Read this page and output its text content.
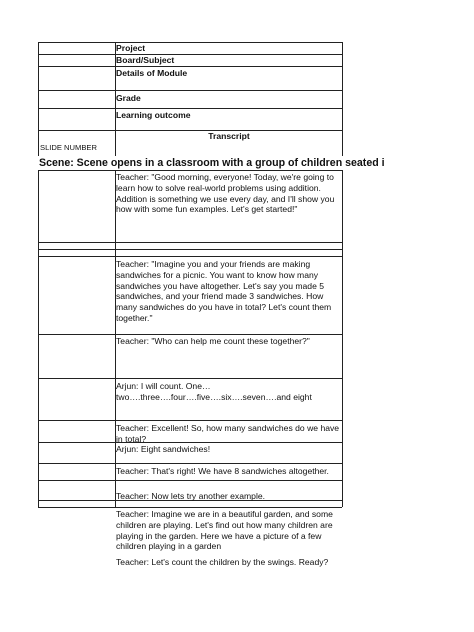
Project
Board/Subject
Details of Module
Grade
Learning outcome
Transcript
SLIDE NUMBER
Scene: Scene opens in a classroom with a group of children seated i
Teacher: "Good morning, everyone! Today, we're going to learn how to solve real-world problems using addition. Addition is something we use every day, and I'll show you how with some fun examples. Let's get started!"
Teacher: "Imagine you and your friends are making sandwiches for a picnic. You want to know how many sandwiches you have altogether. Let's say you made 5 sandwiches, and your friend made 3 sandwiches. How many sandwiches do you have in total? Let's count them together."
Teacher: "Who can help me count these together?"
Arjun: I will count. One…
two….three….four….five….six….seven….and eight
Teacher: Excellent! So, how many sandwiches do we have in total?
Arjun: Eight sandwiches!
Teacher: That's right! We have 8 sandwiches altogether.
Teacher: Now lets try another example.
Teacher: Imagine we are in a beautiful garden, and some children are playing. Let's find out how many children are playing in the garden. Here we have a picture of a few children playing in a garden
Teacher: Let's count the children by the swings. Ready?
